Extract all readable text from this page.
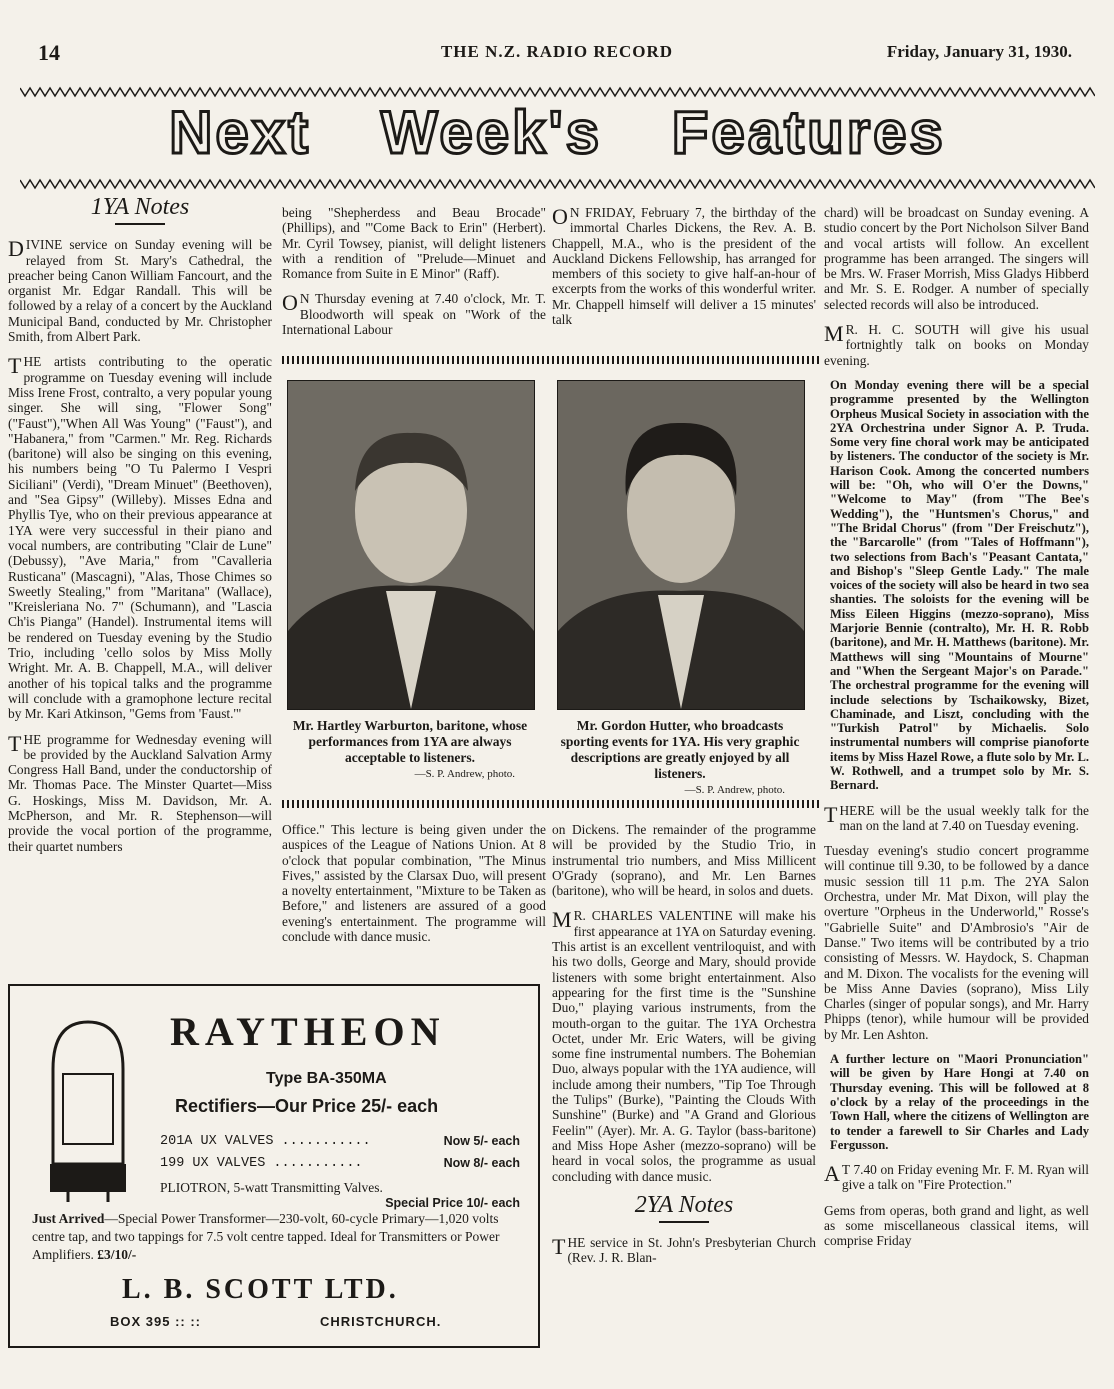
14	THE N.Z. RADIO RECORD	Friday, January 31, 1930.
Next Week's Features
1YA Notes

DIVINE service on Sunday evening will be relayed from St. Mary's Cathedral, the preacher being Canon William Fancourt, and the organist Mr. Edgar Randall. This will be followed by a relay of a concert by the Auckland Municipal Band, conducted by Mr. Christopher Smith, from Albert Park.

THE artists contributing to the operatic programme on Tuesday evening will include Miss Irene Frost, contralto, a very popular young singer. She will sing, "Flower Song" ("Faust"),"When All Was Young" ("Faust"), and "Habanera," from "Carmen." Mr. Reg. Richards (baritone) will also be singing on this evening, his numbers being "O Tu Palermo I Vespri Siciliani" (Verdi), "Dream Minuet" (Beethoven), and "Sea Gipsy" (Willeby). Misses Edna and Phyllis Tye, who on their previous appearance at 1YA were very successful in their piano and vocal numbers, are contributing "Clair de Lune" (Debussy), "Ave Maria," from "Cavalleria Rusticana" (Mascagni), "Alas, Those Chimes so Sweetly Stealing," from "Maritana" (Wallace), "Kreisleriana No. 7" (Schumann), and "Lascia Ch'is Pianga" (Handel). Instrumental items will be rendered on Tuesday evening by the Studio Trio, including 'cello solos by Miss Molly Wright. Mr. A. B. Chappell, M.A., will deliver another of his topical talks and the programme will conclude with a gramophone lecture recital by Mr. Kari Atkinson, "Gems from 'Faust.'"

THE programme for Wednesday evening will be provided by the Auckland Salvation Army Congress Hall Band, under the conductorship of Mr. Thomas Pace. The Minster Quartet—Miss G. Hoskings, Miss M. Davidson, Mr. A. McPherson, and Mr. R. Stephenson—will provide the vocal portion of the programme, their quartet numbers

being "Shepherdess and Beau Brocade" (Phillips), and "'Come Back to Erin" (Herbert). Mr. Cyril Towsey, pianist, will delight listeners with a rendition of "Prelude—Minuet and Romance from Suite in E Minor" (Raff).

O N Thursday evening at 7.40 o'clock, Mr. T. Bloodworth will speak on "Work of the International Labour

O N FRIDAY, February 7, the birthday of the immortal Charles Dickens, the Rev. A. B. Chappell, M.A., who is the president of the Auckland Dickens Fellowship, has arranged for members of this society to give half-an-hour of excerpts from the works of this wonderful writer. Mr. Chappell himself will deliver a 15 minutes' talk

Mr. Hartley Warburton, baritone, whose performances from 1YA are always acceptable to listeners.
—S. P. Andrew, photo.
Mr. Gordon Hutter, who broadcasts sporting events for 1YA. His very graphic descriptions are greatly enjoyed by all listeners.
—S. P. Andrew, photo.

Office." This lecture is being given under the auspices of the League of Nations Union. At 8 o'clock that popular combination, "The Minus Fives," assisted by the Clarsax Duo, will present a novelty entertainment, "Mixture to be Taken as Before," and listeners are assured of a good evening's entertainment. The programme will conclude with dance music.

on Dickens. The remainder of the programme will be provided by the Studio Trio, in instrumental trio numbers, and Miss Millicent O'Grady (soprano), and Mr. Len Barnes (baritone), who will be heard, in solos and duets.

M R. CHARLES VALENTINE will make his first appearance at 1YA on Saturday evening. This artist is an excellent ventriloquist, and with his two dolls, George and Mary, should provide listeners with some bright entertainment. Also appearing for the first time is the "Sunshine Duo," playing various instruments, from the mouth-organ to the guitar. The 1YA Orchestra Octet, under Mr. Eric Waters, will be giving some fine instrumental numbers. The Bohemian Duo, always popular with the 1YA audience, will include among their numbers, "Tip Toe Through the Tulips" (Burke), "Painting the Clouds With Sunshine" (Burke) and "A Grand and Glorious Feelin'" (Ayer). Mr. A. G. Taylor (bass-baritone) and Miss Hope Asher (mezzo-soprano) will be heard in vocal solos, the programme as usual concluding with dance music.

2YA Notes

THE service in St. John's Presbyterian Church (Rev. J. R. Blan-

chard) will be broadcast on Sunday evening. A studio concert by the Port Nicholson Silver Band and vocal artists will follow. An excellent programme has been arranged. The singers will be Mrs. W. Fraser Morrish, Miss Gladys Hibberd and Mr. S. E. Rodger. A number of specially selected records will also be introduced.

M R. H. C. SOUTH will give his usual fortnightly talk on books on Monday evening.

On Monday evening there will be a special programme presented by the Wellington Orpheus Musical Society in association with the 2YA Orchestrina under Signor A. P. Truda. Some very fine choral work may be anticipated by listeners. The conductor of the society is Mr. Harison Cook. Among the concerted numbers will be: "Oh, who will O'er the Downs," "Welcome to May" (from "The Bee's Wedding"), the "Huntsmen's Chorus," and "The Bridal Chorus" (from "Der Freischutz"), the "Barcarolle" (from "Tales of Hoffmann"), two selections from Bach's "Peasant Cantata," and Bishop's "Sleep Gentle Lady." The male voices of the society will also be heard in two sea shanties. The soloists for the evening will be Miss Eileen Higgins (mezzo-soprano), Miss Marjorie Bennie (contralto), Mr. H. R. Robb (baritone), and Mr. H. Matthews (baritone). Mr. Matthews will sing "Mountains of Mourne" and "When the Sergeant Major's on Parade." The orchestral programme for the evening will include selections by Tschaikowsky, Bizet, Chaminade, and Liszt, concluding with the "Turkish Patrol" by Michaelis. Solo instrumental numbers will comprise pianoforte items by Miss Hazel Rowe, a flute solo by Mr. L. W. Rothwell, and a trumpet solo by Mr. S. Bernard.

THERE will be the usual weekly talk for the man on the land at 7.40 on Tuesday evening.

Tuesday evening's studio concert programme will continue till 9.30, to be followed by a dance music session till 11 p.m. The 2YA Salon Orchestra, under Mr. Mat Dixon, will play the overture "Orpheus in the Underworld," Rosse's "Gabrielle Suite" and D'Ambrosio's "Air de Danse." Two items will be contributed by a trio consisting of Messrs. W. Haydock, S. Chapman and M. Dixon. The vocalists for the evening will be Miss Anne Davies (soprano), Miss Lily Charles (singer of popular songs), and Mr. Harry Phipps (tenor), while humour will be provided by Mr. Len Ashton.

A further lecture on "Maori Pronunciation" will be given by Hare Hongi at 7.40 on Thursday evening. This will be followed at 8 o'clock by a relay of the proceedings in the Town Hall, where the citizens of Wellington are to tender a farewell to Sir Charles and Lady Fergusson.

A T 7.40 on Friday evening Mr. F. M. Ryan will give a talk on "Fire Protection."

Gems from operas, both grand and light, as well as some miscellaneous classical items, will comprise Friday

RAYTHEON
Type BA-350MA
Rectifiers—Our Price 25/- each
201A UX VALVES ...........	Now 5/- each
199 UX VALVES ...........	Now 8/- each
PLIOTRON, 5-watt Transmitting Valves.
Special Price 10/- each
Just Arrived—Special Power Transformer—230-volt, 60-cycle Primary—1,020 volts centre tap, and two tappings for 7.5 volt centre tapped. Ideal for Transmitters or Power Amplifiers. £3/10/-
L. B. SCOTT LTD.
BOX 395 :: ::	CHRISTCHURCH.
